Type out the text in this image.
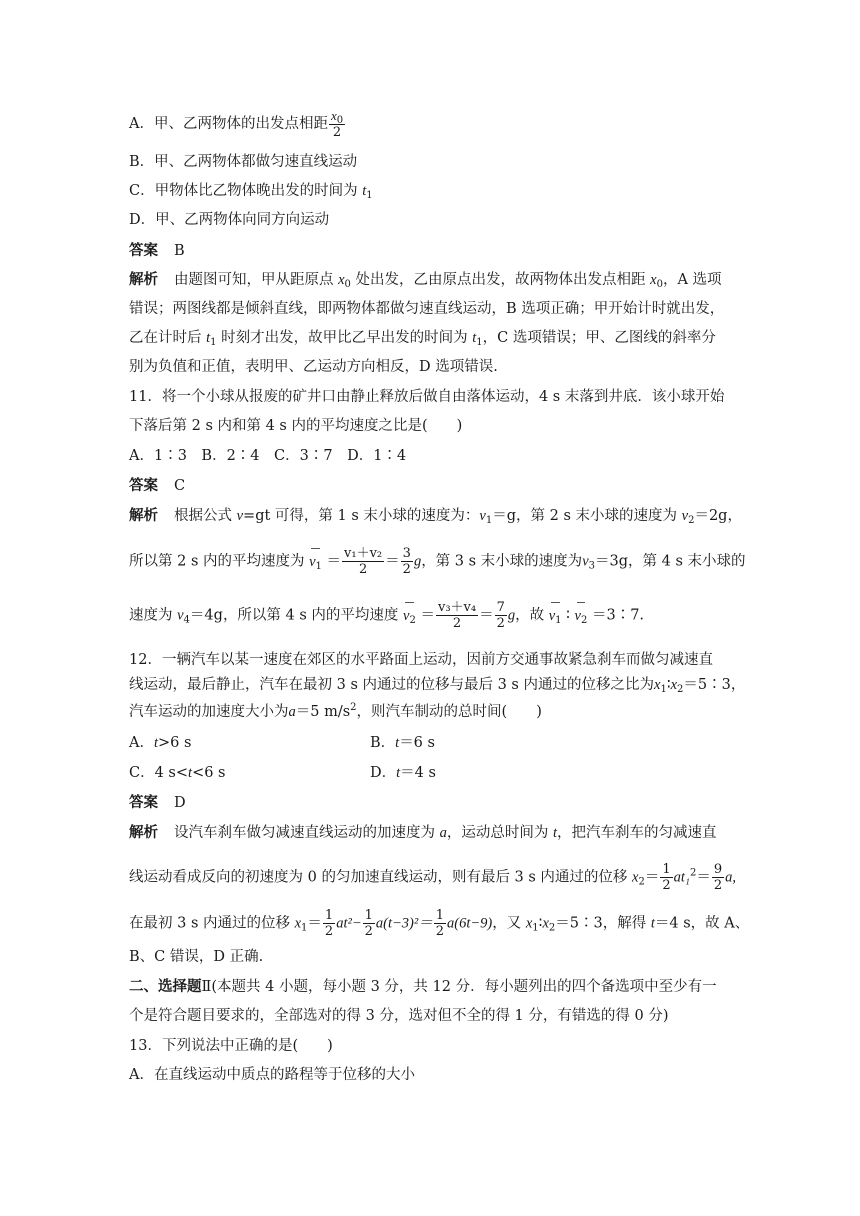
A．甲、乙两物体的出发点相距 $\frac{x_0}{2}$
B．甲、乙两物体都做匀速直线运动
C．甲物体比乙物体晚出发的时间为 $t_1$
D．甲、乙两物体向同方向运动
答案 B
解析 由题图可知，甲从距原点 $x_0$ 处出发，乙由原点出发，故两物体出发点相距 $x_0$，A 选项
错误；两图线都是倾斜直线，即两物体都做匀速直线运动，B 选项正确；甲开始计时就出发，
乙在计时后 $t_1$ 时刻才出发，故甲比乙早出发的时间为 $t_1$，C 选项错误；甲、乙图线的斜率分
别为负值和正值，表明甲、乙运动方向相反，D 选项错误.
11．将一个小球从报废的矿井口由静止释放后做自由落体运动，4 s 末落到井底．该小球开始
下落后第 2 s 内和第 4 s 内的平均速度之比是(　　)
A．1∶3　B．2∶4　C．3∶7　D．1∶4
答案 C
解析 根据公式 v=gt 可得，第 1 s 末小球的速度为：$v_1=g$，第 2 s 末小球的速度为 $v_2=2g$，
所以第 2 s 内的平均速度为 $v_1 = \frac{\text{v₁＋v₂}}{2} = \frac{3}{2}$ g，第 3 s 末小球的速度为$v_3=3g$，第 4 s 末小球的
速度为 $v_4=4g$，所以第 4 s 内的平均速度 $v_2 = \frac{\text{v₃＋v₄}}{2} = \frac{7}{2}$ g，故 $v_1$ ∶ $v_2$ ＝3∶7.
12．一辆汽车以某一速度在郊区的水平路面上运动，因前方交通事故紧急刹车而做匀减速直
线运动，最后静止，汽车在最初 3 s 内通过的位移与最后 3 s 内通过的位移之比为$x_1∶x_2=5∶3$，
汽车运动的加速度大小为a＝5 $m/s^2$，则汽车制动的总时间(　　)
A．t>6 s	B．t＝6 s
C．4 s<t<6 s	D．t＝4 s
答案 D
解析 设汽车刹车做匀减速直线运动的加速度为 a，运动总时间为 t，把汽车刹车的匀减速直
线运动看成反向的初速度为 0 的匀加速直线运动，则有最后 3 s 内通过的位移 $x_2= \frac{1}{2} at_1^2= \frac{9}{2} a$,
在最初 3 s 内通过的位移 $x_1= \frac{1}{2} at^2- \frac{1}{2} a(t-3)^2= \frac{1}{2} a(6t-9)$，又 $x_1∶x_2=5∶3$，解得 t＝4 s，故 A、
B、C 错误，D 正确.
二、选择题Ⅱ(本题共 4 小题，每小题 3 分，共 12 分．每小题列出的四个备选项中至少有一
个是符合题目要求的，全部选对的得 3 分，选对但不全的得 1 分，有错选的得 0 分)
13．下列说法中正确的是(　　)
A．在直线运动中质点的路程等于位移的大小
